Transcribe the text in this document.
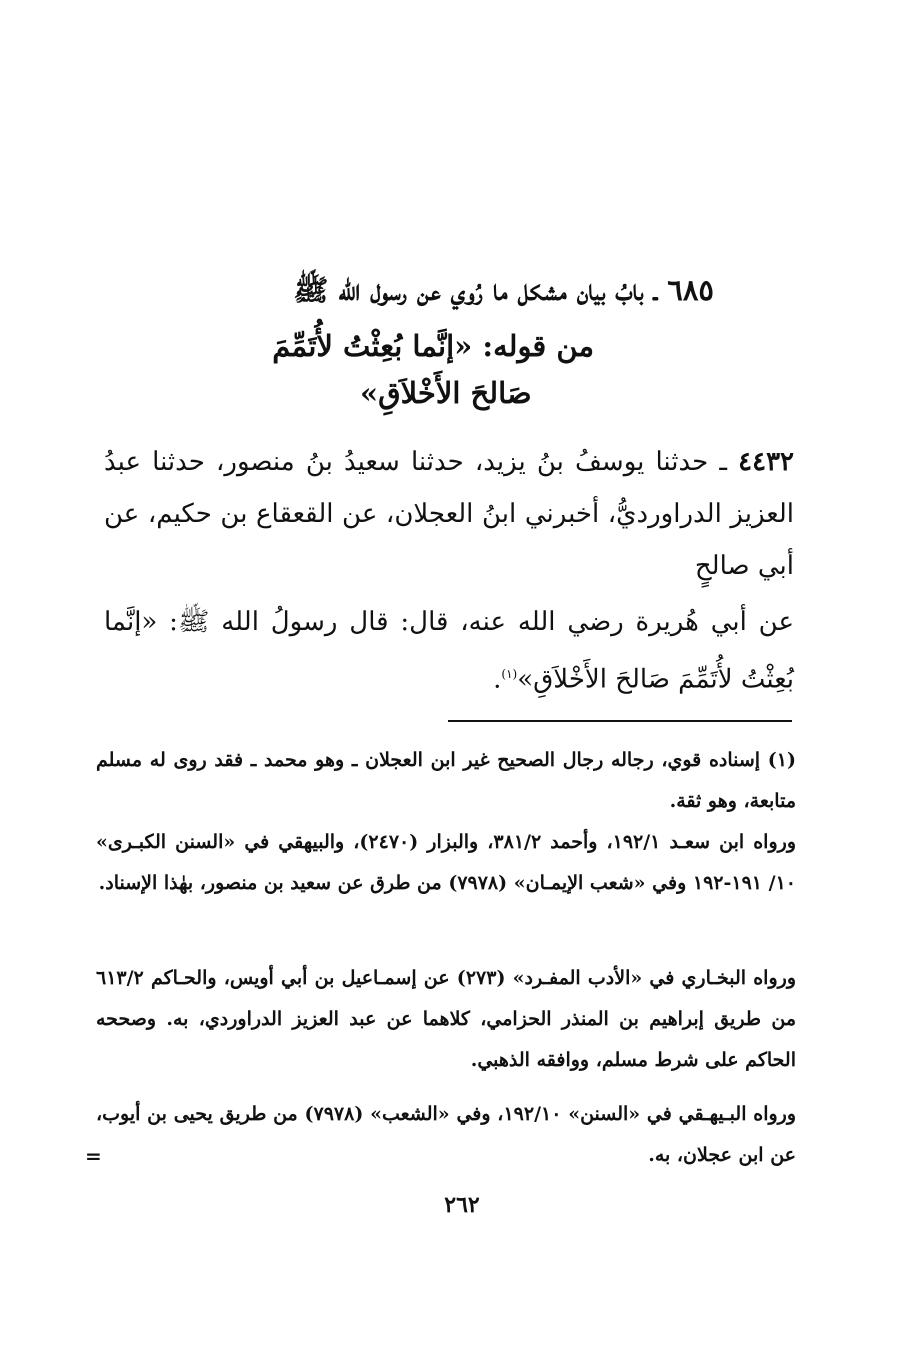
٦٨٥ ـ بابُ بيان مشكل ما رُوي عن رسول الله ﷺ
من قوله: «إنَّما بُعِثْتُ لأُتَمِّمَ
صَالحَ الأَخْلاَقِ»
٤٤٣٢ ـ حدثنا يوسفُ بنُ يزيد، حدثنا سعيدُ بنُ منصور، حدثنا عبدُ العزيز الدراورديُّ، أخبرني ابنُ العجلان، عن القعقاع بن حكيم، عن أبي صالحٍ
عن أبي هُريرة رضي الله عنه، قال: قال رسولُ الله ﷺ: «إنَّما بُعِثْتُ لأُتَمِّمَ صَالحَ الأَخْلاَقِ»$^{(١)}$.
(١) إسناده قوي، رجاله رجال الصحيح غير ابن العجلان ـ وهو محمد ـ فقد روى له مسلم متابعة، وهو ثقة.
ورواه ابن سعـد ١٩٢/١، وأحمد ٣٨١/٢، والبزار (٢٤٧٠)، والبيهقي في «السنن الكبـرى» ١٠/ ١٩١-١٩٢ وفي «شعب الإيمـان» (٧٩٧٨) من طرق عن سعيد بن منصور، بهٰذا الإسناد.
ورواه البخـاري في «الأدب المفـرد» (٢٧٣) عن إسمـاعيل بن أبي أويس، والحـاكم ٦١٣/٢ من طريق إبراهيم بن المنذر الحزامي، كلاهما عن عبد العزيز الدراوردي، به. وصححه الحاكم على شرط مسلم، ووافقه الذهبي.
ورواه البـيهـقي في «السنن» ١٩٢/١٠، وفي «الشعب» (٧٩٧٨) من طريق يحيى بن أيوب، عن ابن عجلان، به.
=
٢٦٢
